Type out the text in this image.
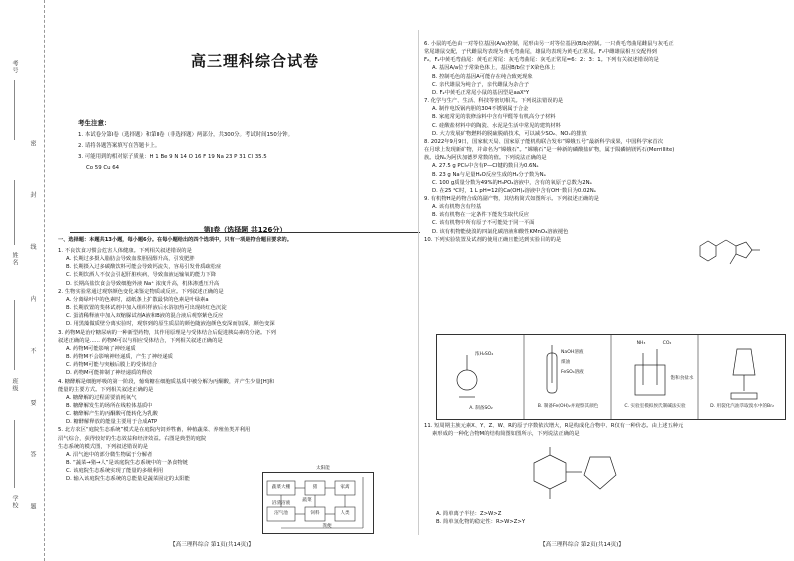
考号
姓名
班级
学校 密 封 线 内 不 要 答 题
高三理科综合试卷
考生注意：

1. 本试卷分第Ⅰ卷（选择题）和第Ⅱ卷（非选择题）两部分，共300分。考试时间150分钟。

2. 请将各题答案填写在答题卡上。

3. 可能用到的相对原子质量：H 1 Be 9 N 14 O 16 F 19 Na 23 P 31 Cl 35.5

Co 59 Cu 64

第Ⅰ卷（选择题 共126分）
一、选择题：本题共13小题，每小题6分。在每小题给出的四个选项中，只有一项是符合题目要求的。

1. 不良饮食习惯会危害人体健康。下列相关叙述错误的是

A. 长期过多摄入脂肪会导致血浆胆固醇升高，引发肥胖

B. 长期摄入过多碳酸饮料可能会导致钙流失，容易引发骨质疏松症

C. 长期饮酒人不仅会引起肝脏疾病，导致血液运输氧的能力下降

D. 长期高盐饮食会导致细胞外液 Na⁺ 浓度升高，机体渗透压升高

2. 生物实验常通过观察颜色变化来鉴定物质或反应。下列叙述正确的是

A. 分离绿叶中的色素时，滤纸条上扩散最快的色素是叶绿素a

B. 长期放置的斐林试剂中加入组织样液后水浴加热可出现砖红色沉淀

C. 蛋清稀释液中加入双缩脲试剂A液和B液的混合液后观察紫色反应

D. 用黑藻做质壁分离实验时，观察到的原生质层的颜色随液泡颜色变深而加深，颜色变深

3. 药物M是治疗糖尿病的一种新型药物，其作用原理是与受体结合后促进胰岛素的分泌。下列

叙述正确的是...... 药物M可以与相应受体结合，下列相关叙述正确的是

A. 药物M可能影响了神经递质

B. 药物M不会影响神经递质，产生了神经递质

C. 药物M可能与突触后膜上的受体结合

D. 药物M可能抑制了神经递质的释放

4. 糖酵解是细胞呼吸的第一阶段，葡萄糖在细胞质基质中被分解为丙酮酸，并产生少量[H]和

能量的主要方式。下列相关叙述正确的是

A. 糖酵解的过程需要消耗氧气

B. 糖酵解发生的场所在线粒体基质中

C. 糖酵解产生的丙酮酸可能转化为乳酸

D. 糖酵解释放的能量主要用于合成ATP

5. 北方农区“庭院生态系统”模式是在庭院内饲养牲畜，种植蔬菜、养殖鱼类并利用

沼气综合，获得较好的生态效益和经济效益。右图是典型的庭院

生态系统的模式图，下列叙述错误的是

A. 沼气池中的部分微生物属于分解者

B. “蔬菜→猪→人”是该庭院生态系统中的一条食物链

C. 该庭院生态系统实现了能量的多级利用

D. 输入该庭院生态系统的总能量是蔬菜固定的太阳能

太阳能
蔬菜大棚
沼渣沼液
沼气池
猪	家禽
人类
饲料
粪便
蔬菜

6. 小鼠的毛色由一对等位基因(A/a)控制，尾形由另一对等位基因(B/b)控制。一只黄毛弯曲尾雌鼠与灰毛正

常尾雄鼠交配，子代雌鼠均表现为黄毛弯曲尾，雄鼠均表现为黄毛正常尾。F₁中雌雄鼠相互交配得到

F₂，F₂中黄毛弯曲尾：黄毛正常尾：灰毛弯曲尾：灰毛正常尾=6：2：3：1。下列有关叙述错误的是

A. 基因A/a位于常染色体上，基因B/b位于X染色体上

B. 控制毛色的基因A可能存在纯合致死现象

C. 亲代雄鼠为纯合子，亲代雌鼠为杂合子

D. F₂中黄毛正常尾小鼠的基因型是aaXᵇY

7. 化学与生产、生活、科技等密切相关。下列说法错误的是

A. 制作电饭锅内胆的304不锈钢属于合金

B. 家庭常见的装修涂料中含有甲醛等有机高分子材料

C. 硅酸盐材料中的陶瓷、水泥是生活中常见的建筑材料

D. 大力发展矿物燃料的脱硫脱硝技术，可以减少SO₂、NOₓ的排放

8. 2022年9月9日，国家航天局、国家原子能机构联合发布“嫦娥五号”最新科学成果，中国科学家首次

在月球上发现新矿物，并命名为“嫦娥石”。“嫦娥石”是一种新的磷酸盐矿物，属于陨磷钠镁钙石(Merrillite)

族。设Nₐ为阿伏加德罗常数的值。下列说法正确的是

A. 27.5 g PCl₃中含有P—Cl键的数目为0.6Nₐ

B. 23 g Na与足量H₂O反应生成的H₂分子数为Nₐ

C. 100 g质量分数为49%的H₃PO₄溶液中，含有的氧原子总数为2Nₐ

D. 在25 ℃时，1 L pH=12的Ca(OH)₂溶液中含有OH⁻数目为0.02Nₐ

9. 有机物H是药物合成的副产物，其结构简式如图所示。下列叙述正确的是

A. 该有机物含有羟基

B. 该有机物在一定条件下能发生取代反应

C. 该有机物中所有原子不可能处于同一平面

D. 该有机物能使溴的四氯化碳溶液和酸性KMnO₄溶液褪色

10. 下列实验装置及试剂的使用正确且能达到实验目的的是

浓H₂SO₄	NaOH溶液
煤油
FeSO₄溶液
NH₃	CO₂
饱和食盐水
A. 制备SO₂	B. 制备Fe(OH)₂并观察其颜色	C. 实验室模拟侯氏制碱法实验	D. 用裂化汽油萃取溴水中的Br₂

11. 短周期主族元素X、Y、Z、W、R的原子序数依次增大，R是构成化合物中、R仅有一种价态。由上述五种元

素形成的一种化合物M的结构简图如图所示，下列说法正确的是

A. 简单离子半径：Z>W>Z

B. 简单氢化物的稳定性：R>W>Z>Y

【高三理科综合 第1页(共14页)】	【高三理科综合 第2页(共14页)】
